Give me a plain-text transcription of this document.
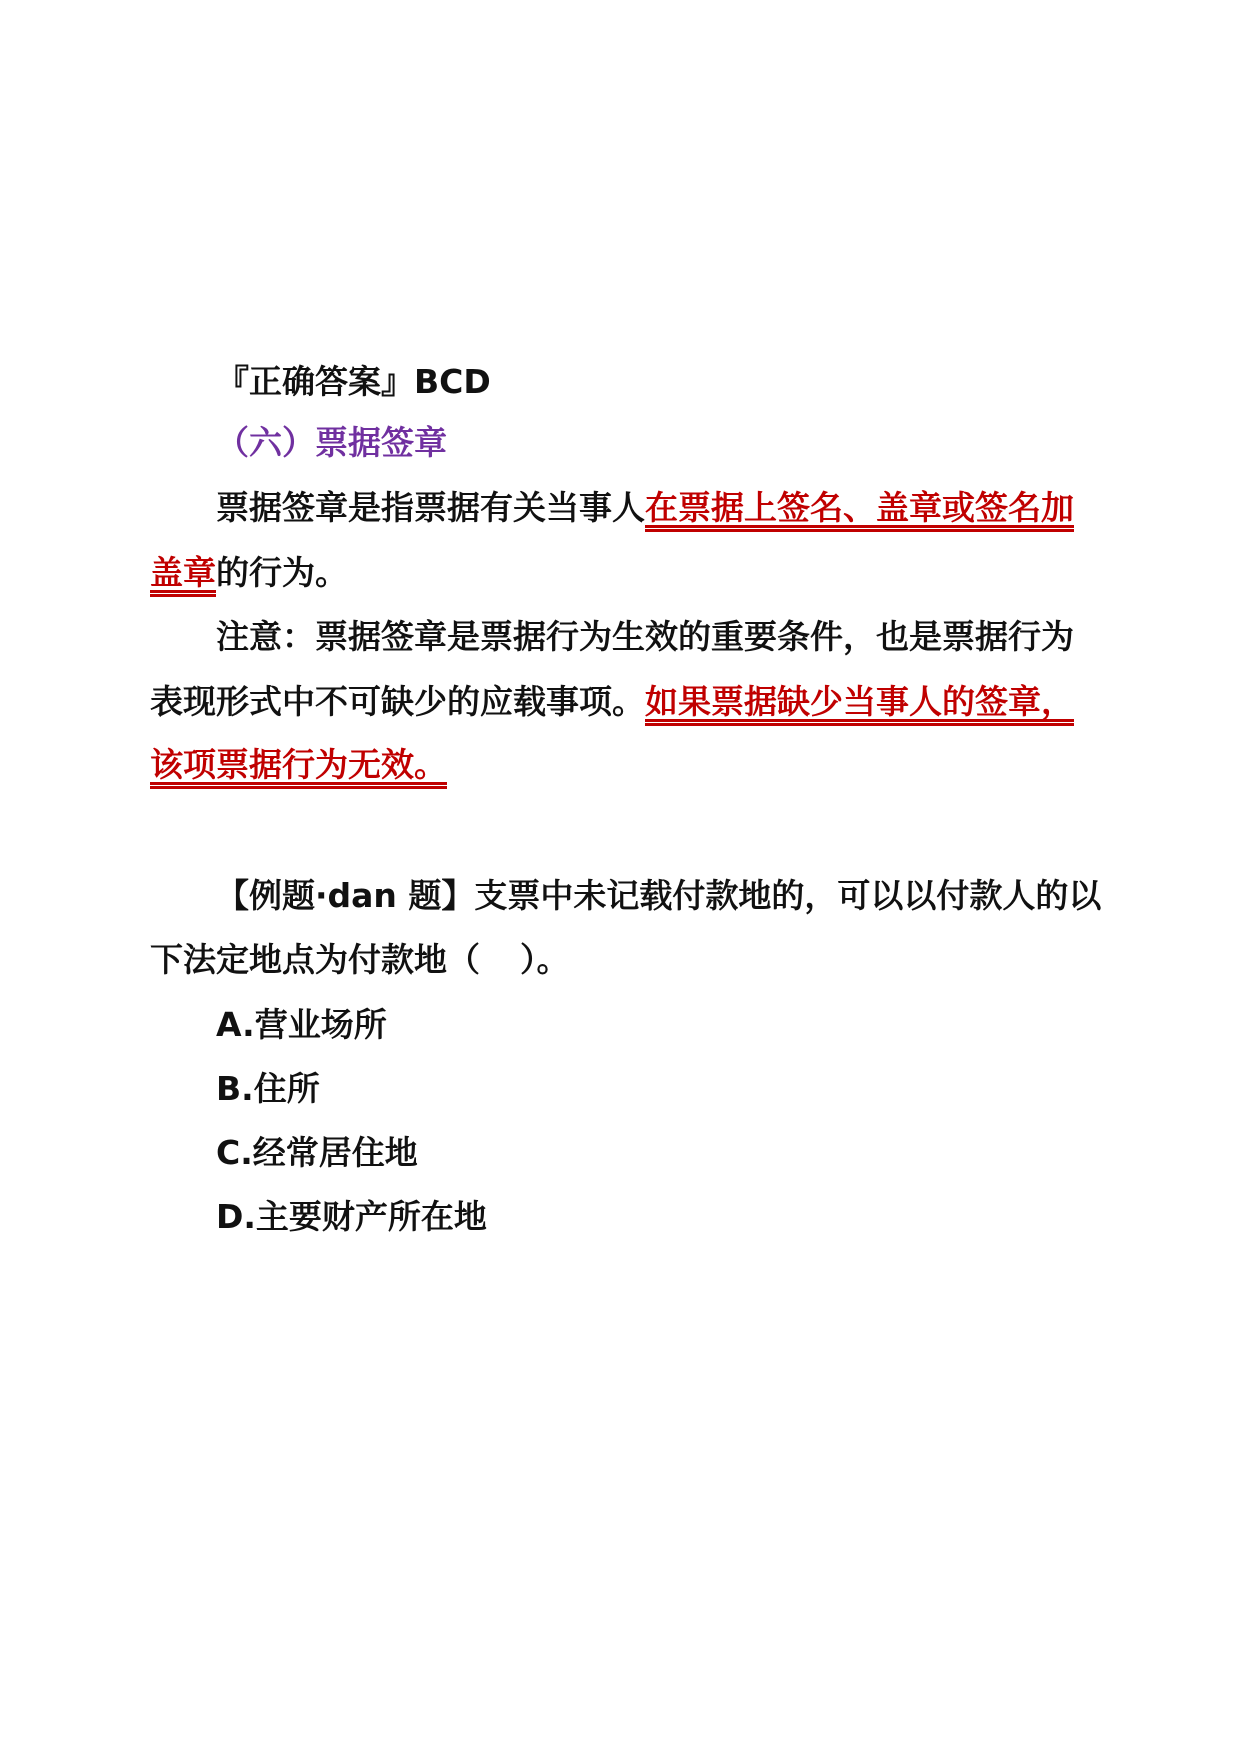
『正确答案』BCD
（六）票据签章
票据签章是指票据有关当事人在票据上签名、盖章或签名加
盖章的行为。
注意：票据签章是票据行为生效的重要条件，也是票据行为
表现形式中不可缺少的应载事项。如果票据缺少当事人的签章，
该项票据行为无效。
【例题·dan 题】支票中未记载付款地的，可以以付款人的以
下法定地点为付款地（ ）。
A.营业场所
B.住所
C.经常居住地
D.主要财产所在地
